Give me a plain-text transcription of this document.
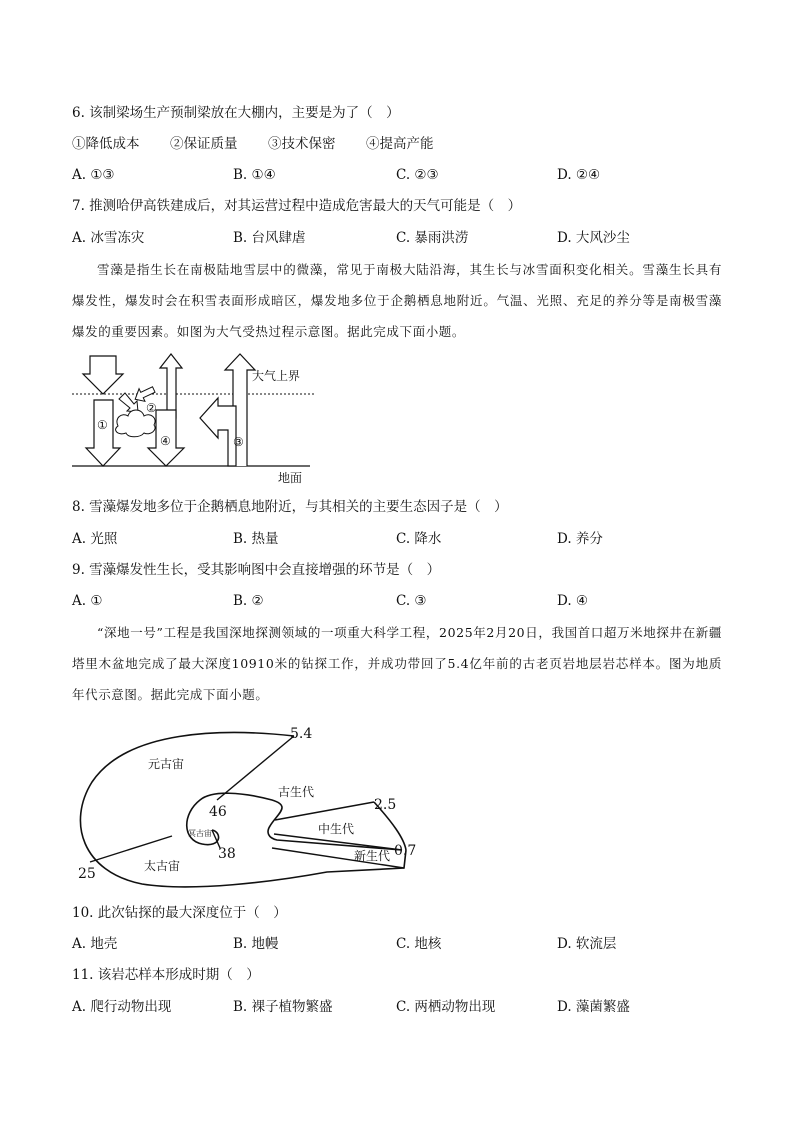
6. 该制梁场生产预制梁放在大棚内，主要是为了（　）
①降低成本 ②保证质量 ③技术保密 ④提高产能
A. ①③	B. ①④	C. ②③	D. ②④
7. 推测哈伊高铁建成后，对其运营过程中造成危害最大的天气可能是（　）
A. 冰雪冻灾	B. 台风肆虐	C. 暴雨洪涝	D. 大风沙尘
雪藻是指生长在南极陆地雪层中的微藻，常见于南极大陆沿海，其生长与冰雪面积变化相关。雪藻生长具有爆发性，爆发时会在积雪表面形成暗区，爆发地多位于企鹅栖息地附近。气温、光照、充足的养分等是南极雪藻爆发的重要因素。如图为大气受热过程示意图。据此完成下面小题。
大气上界
地面
①
②
③
④
8. 雪藻爆发地多位于企鹅栖息地附近，与其相关的主要生态因子是（　）
A. 光照	B. 热量	C. 降水	D. 养分
9. 雪藻爆发性生长，受其影响图中会直接增强的环节是（　）
A. ①	B. ②	C. ③	D. ④
“深地一号”工程是我国深地探测领域的一项重大科学工程，2025年2月20日，我国首口超万米地探井在新疆塔里木盆地完成了最大深度10910米的钻探工作，并成功带回了5.4亿年前的古老页岩地层岩芯样本。图为地质年代示意图。据此完成下面小题。
元古宙
古生代
中生代
新生代
冥古宙
太古宙
5.4
2.5
0.7
46
38
25
10. 此次钻探的最大深度位于（　）
A. 地壳	B. 地幔	C. 地核	D. 软流层
11. 该岩芯样本形成时期（　）
A. 爬行动物出现	B. 裸子植物繁盛	C. 两栖动物出现	D. 藻菌繁盛
